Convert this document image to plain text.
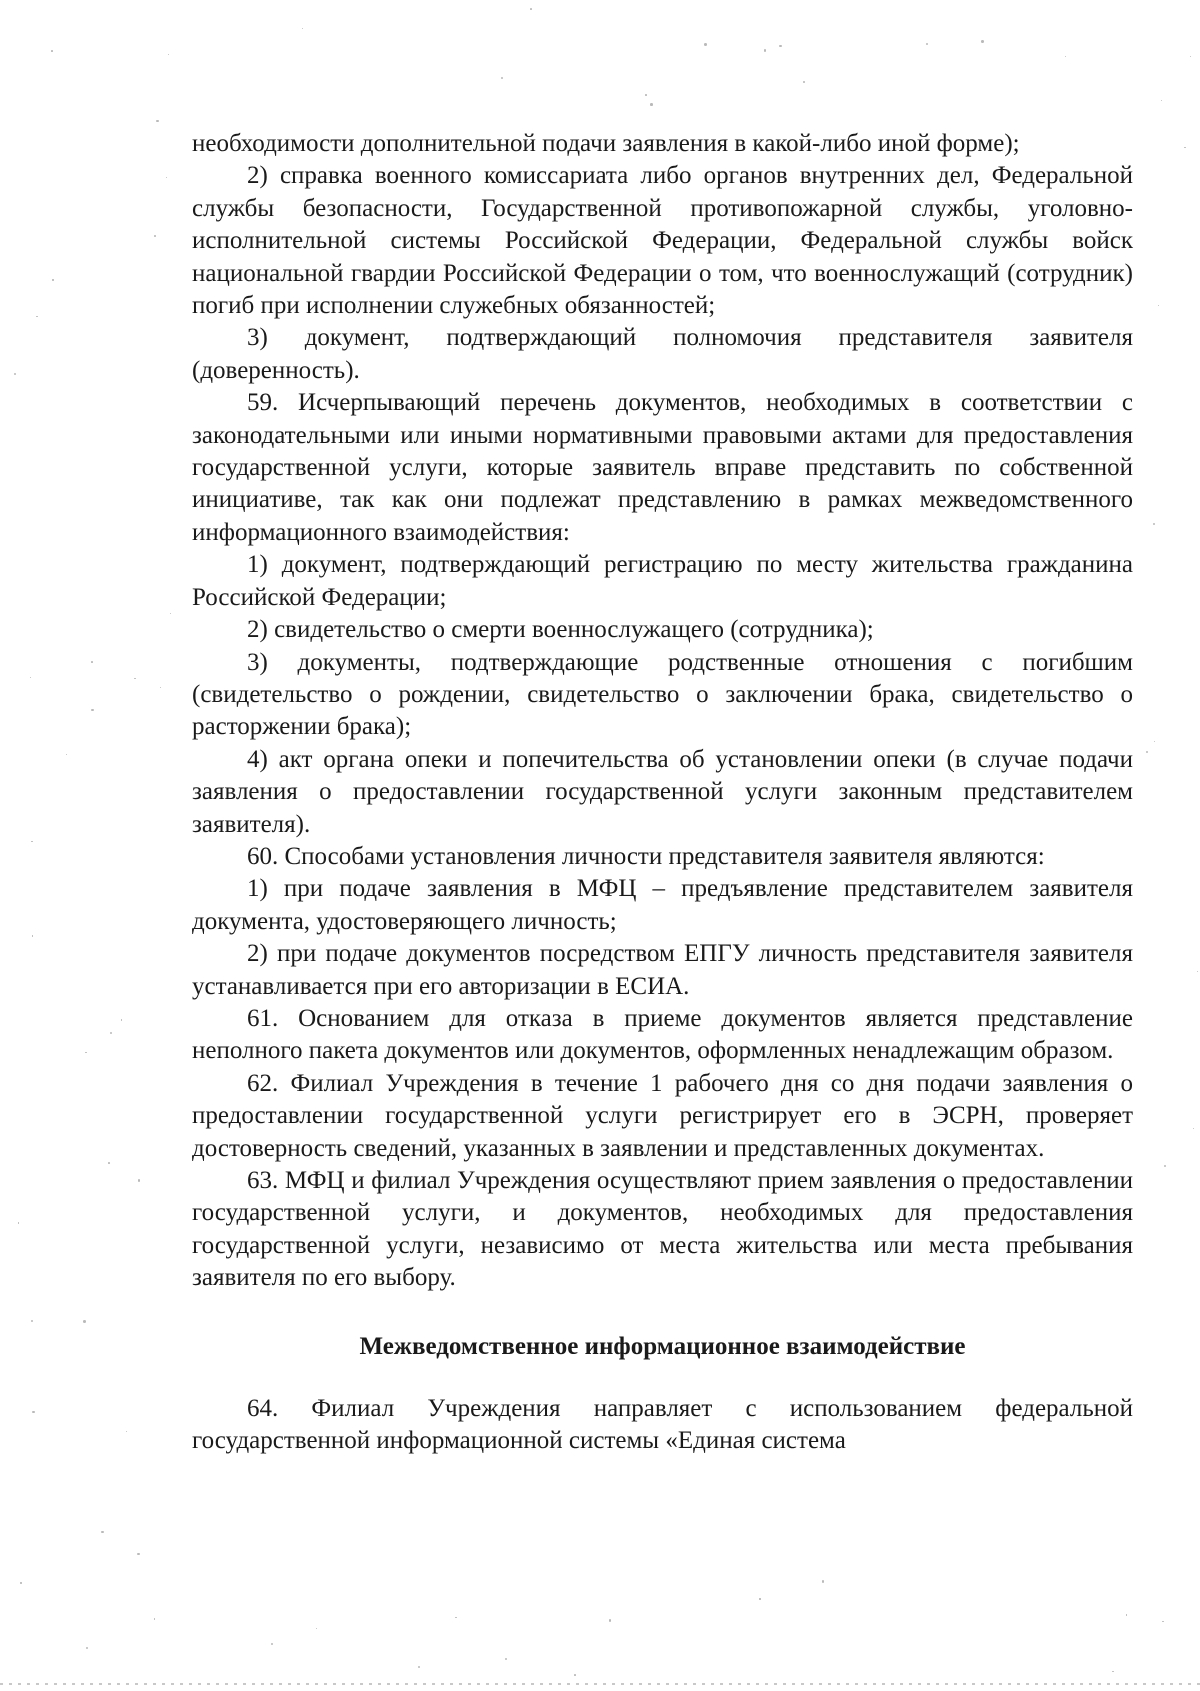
необходимости дополнительной подачи заявления в какой-либо иной форме);

2) справка военного комиссариата либо органов внутренних дел, Федеральной службы безопасности, Государственной противопожарной службы, уголовно-исполнительной системы Российской Федерации, Федеральной службы войск национальной гвардии Российской Федерации о том, что военнослужащий (сотрудник) погиб при исполнении служебных обязанностей;

3) документ, подтверждающий полномочия представителя заявителя (доверенность).

59. Исчерпывающий перечень документов, необходимых в соответствии с законодательными или иными нормативными правовыми актами для предоставления государственной услуги, которые заявитель вправе представить по собственной инициативе, так как они подлежат представлению в рамках межведомственного информационного взаимодействия:

1) документ, подтверждающий регистрацию по месту жительства гражданина Российской Федерации;

2) свидетельство о смерти военнослужащего (сотрудника);

3) документы, подтверждающие родственные отношения с погибшим (свидетельство о рождении, свидетельство о заключении брака, свидетельство о расторжении брака);

4) акт органа опеки и попечительства об установлении опеки (в случае подачи заявления о предоставлении государственной услуги законным представителем заявителя).

60. Способами установления личности представителя заявителя являются:

1) при подаче заявления в МФЦ – предъявление представителем заявителя документа, удостоверяющего личность;

2) при подаче документов посредством ЕПГУ личность представителя заявителя устанавливается при его авторизации в ЕСИА.

61. Основанием для отказа в приеме документов является представление неполного пакета документов или документов, оформленных ненадлежащим образом.

62. Филиал Учреждения в течение 1 рабочего дня со дня подачи заявления о предоставлении государственной услуги регистрирует его в ЭСРН, проверяет достоверность сведений, указанных в заявлении и представленных документах.

63. МФЦ и филиал Учреждения осуществляют прием заявления о предоставлении государственной услуги, и документов, необходимых для предоставления государственной услуги, независимо от места жительства или места пребывания заявителя по его выбору.

Межведомственное информационное взаимодействие

64. Филиал Учреждения направляет с использованием федеральной государственной информационной системы «Единая система
